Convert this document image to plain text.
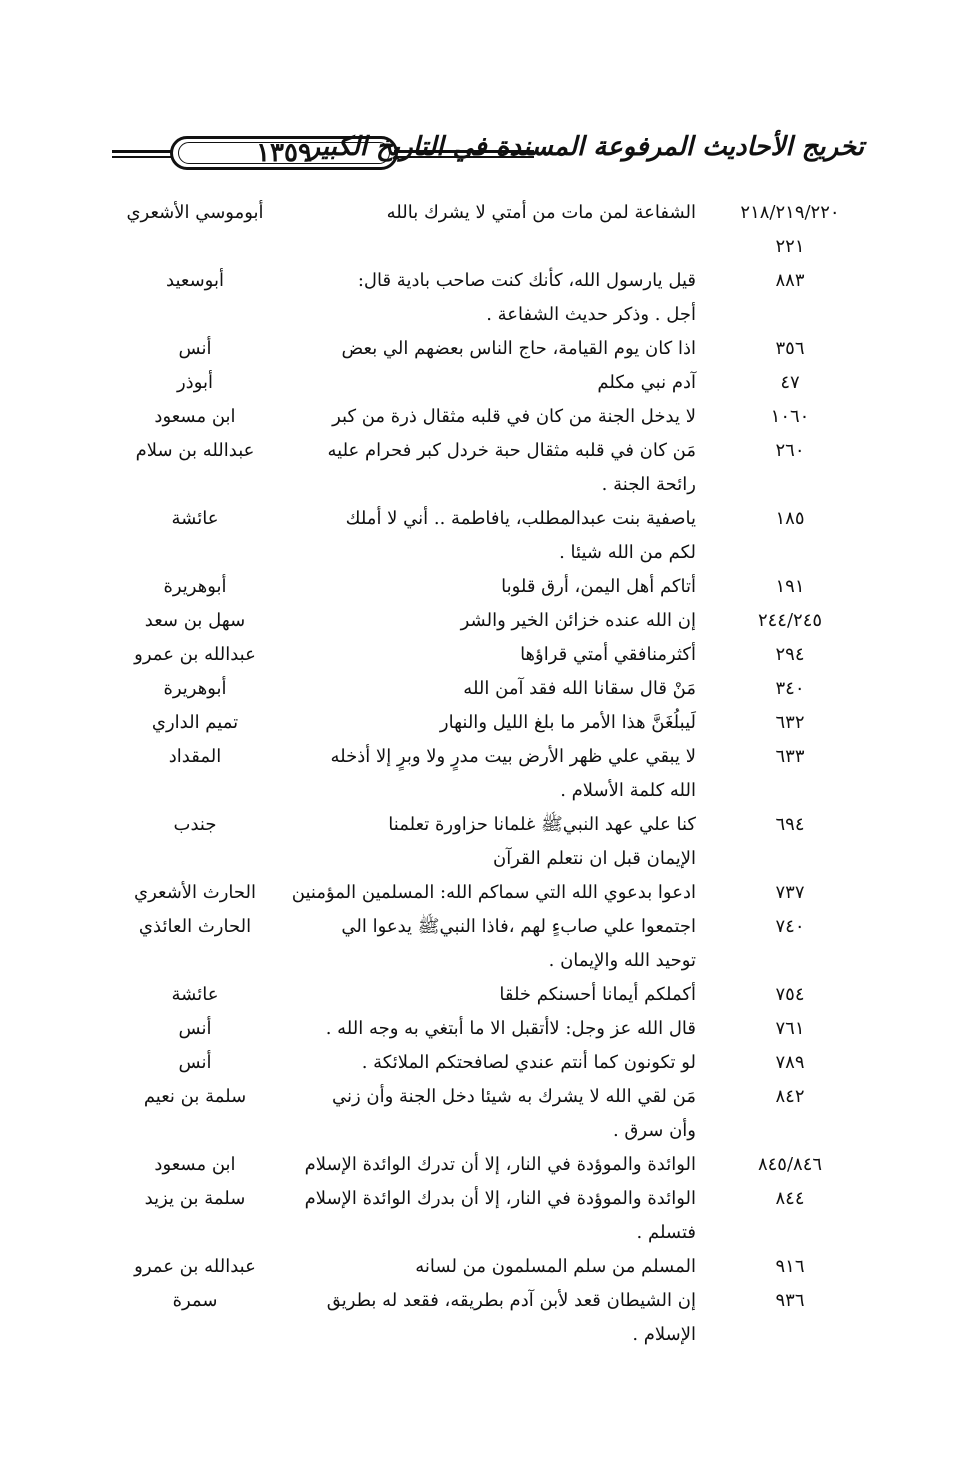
١٣٥٩
تخريج الأحاديث المرفوعة المسندة في التاريخ الكبير
٢١٨/٢١٩/٢٢٠
الشفاعة لمن مات من أمتي لا يشرك بالله
أبوموسي الأشعري
٢٢١
٨٨٣
قيل يارسول الله، كأنك كنت صاحب بادية قال:
أجل . وذكر حديث الشفاعة .
أبوسعيد
٣٥٦
اذا كان يوم القيامة، حاج الناس بعضهم الي بعض
أنس
٤٧
آدم نبي مكلم
أبوذر
١٠٦٠
لا يدخل الجنة من كان في قلبه مثقال ذرة من كبر
ابن مسعود
٢٦٠
مَن كان في قلبه مثقال حبة خردل كبر فحرام عليه
رائحة الجنة .
عبدالله بن سلام
١٨٥
ياصفية بنت عبدالمطلب، يافاطمة .. أني لا أملك
لكم من الله شيئا .
عائشة
١٩١
أتاكم أهل اليمن، أرق قلوبا
أبوهريرة
٢٤٤/٢٤٥
إن الله عنده خزائن الخير والشر
سهل بن سعد
٢٩٤
أكثرمنافقي أمتي قراؤها
عبدالله بن عمرو
٣٤٠
مَنْ قال سقانا الله فقد آمن الله
أبوهريرة
٦٣٢
لَيبلُغَنَّ هذا الأمر ما بلغ الليل والنهار
تميم الداري
٦٣٣
لا يبقي علي ظهر الأرض بيت مدرٍ ولا وبرٍ إلا أذخله
الله كلمة الأسلام .
المقداد
٦٩٤
كنا علي عهد النبيﷺ غلمانا حزاورة تعلمنا
الإيمان قبل ان نتعلم القرآن
جندب
٧٣٧
ادعوا بدعوي الله التي سماكم الله: المسلمين المؤمنين
الحارث الأشعري
٧٤٠
اجتمعوا علي صابءٍ لهم ،فاذا النبيﷺ يدعوا الي
توحيد الله والإيمان .
الحارث العائذي
٧٥٤
أكملكم أيمانا أحسنكم خلقا
عائشة
٧٦١
قال الله عز وجل: لاأتقبل الا ما أبتغي به وجه الله .
أنس
٧٨٩
لو تكونون كما أنتم عندي لصافحتكم الملائكة .
أنس
٨٤٢
مَن لقي الله لا يشرك به شيئا دخل الجنة وأن زني
وأن سرق .
سلمة بن نعيم
٨٤٥/٨٤٦
الوائدة والموؤدة في النار، إلا أن تدرك الوائدة الإسلام
ابن مسعود
٨٤٤
الوائدة والموؤدة في النار، إلا أن بدرك الوائدة الإسلام
فتسلم .
سلمة بن يزيد
٩١٦
المسلم من سلم المسلمون من لسانه
عبدالله بن عمرو
٩٣٦
إن الشيطان قعد لأبن آدم بطريقه، فقعد له بطريق
الإسلام .
سمرة
